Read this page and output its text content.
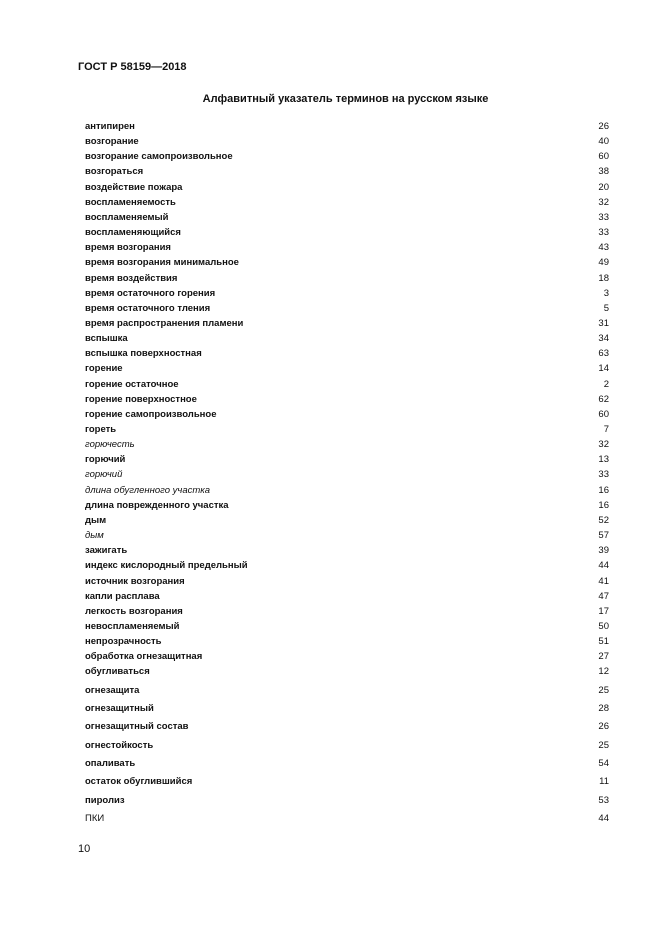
ГОСТ Р 58159—2018
Алфавитный указатель терминов на русском языке
антипирен	26
возгорание	40
возгорание самопроизвольное	60
возгораться	38
воздействие пожара	20
воспламеняемость	32
воспламеняемый	33
воспламеняющийся	33
время возгорания	43
время возгорания минимальное	49
время воздействия	18
время остаточного горения	3
время остаточного тления	5
время распространения пламени	31
вспышка	34
вспышка поверхностная	63
горение	14
горение остаточное	2
горение поверхностное	62
горение самопроизвольное	60
гореть	7
горючесть	32
горючий	13
горючий	33
длина обугленного участка	16
длина поврежденного участка	16
дым	52
дым	57
зажигать	39
индекс кислородный предельный	44
источник возгорания	41
капли расплава	47
легкость возгорания	17
невоспламеняемый	50
непрозрачность	51
обработка огнезащитная	27
обугливаться	12
огнезащита	25
огнезащитный	28
огнезащитный состав	26
огнестойкость	25
опаливать	54
остаток обуглившийся	11
пиролиз	53
ПКИ	44
10
